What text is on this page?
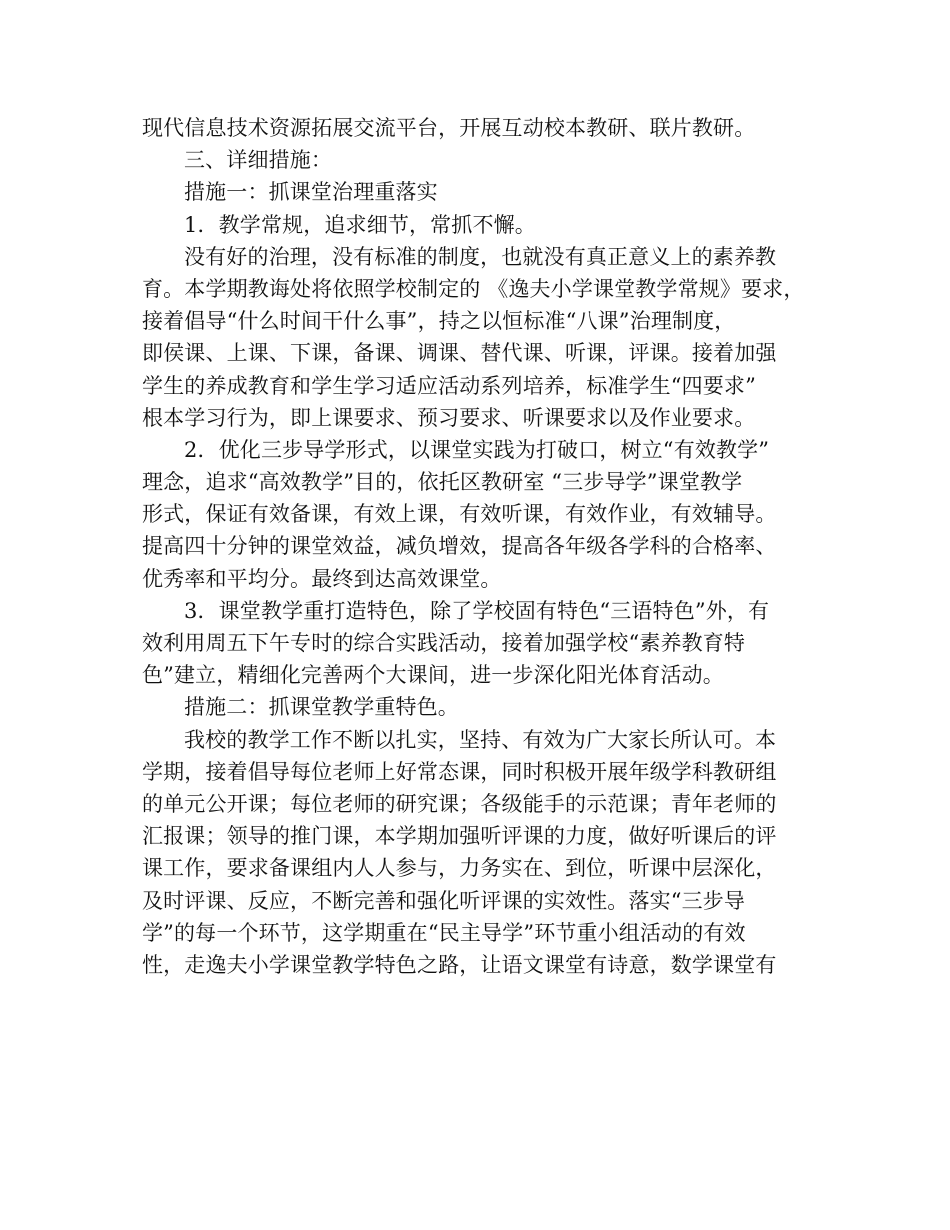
现代信息技术资源拓展交流平台，开展互动校本教研、联片教研。
三、详细措施：
措施一：抓课堂治理重落实
1．教学常规，追求细节，常抓不懈。
没有好的治理，没有标准的制度，也就没有真正意义上的素养教
育。本学期教诲处将依照学校制定的 《逸夫小学课堂教学常规》要求，
接着倡导“什么时间干什么事”，持之以恒标准“八课”治理制度，
即侯课、上课、下课，备课、调课、替代课、听课，评课。接着加强
学生的养成教育和学生学习适应活动系列培养，标准学生“四要求”
根本学习行为，即上课要求、预习要求、听课要求以及作业要求。
2．优化三步导学形式，以课堂实践为打破口，树立“有效教学”
理念，追求“高效教学”目的，依托区教研室 “三步导学”课堂教学
形式，保证有效备课，有效上课，有效听课，有效作业，有效辅导。
提高四十分钟的课堂效益，减负增效，提高各年级各学科的合格率、
优秀率和平均分。最终到达高效课堂。
3．课堂教学重打造特色，除了学校固有特色“三语特色”外，有
效利用周五下午专时的综合实践活动，接着加强学校“素养教育特
色”建立，精细化完善两个大课间，进一步深化阳光体育活动。
措施二：抓课堂教学重特色。
我校的教学工作不断以扎实，坚持、有效为广大家长所认可。本
学期，接着倡导每位老师上好常态课，同时积极开展年级学科教研组
的单元公开课；每位老师的研究课；各级能手的示范课；青年老师的
汇报课；领导的推门课，本学期加强听评课的力度，做好听课后的评
课工作，要求备课组内人人参与，力务实在、到位，听课中层深化，
及时评课、反应，不断完善和强化听评课的实效性。落实“三步导
学”的每一个环节，这学期重在“民主导学”环节重小组活动的有效
性，走逸夫小学课堂教学特色之路，让语文课堂有诗意，数学课堂有
